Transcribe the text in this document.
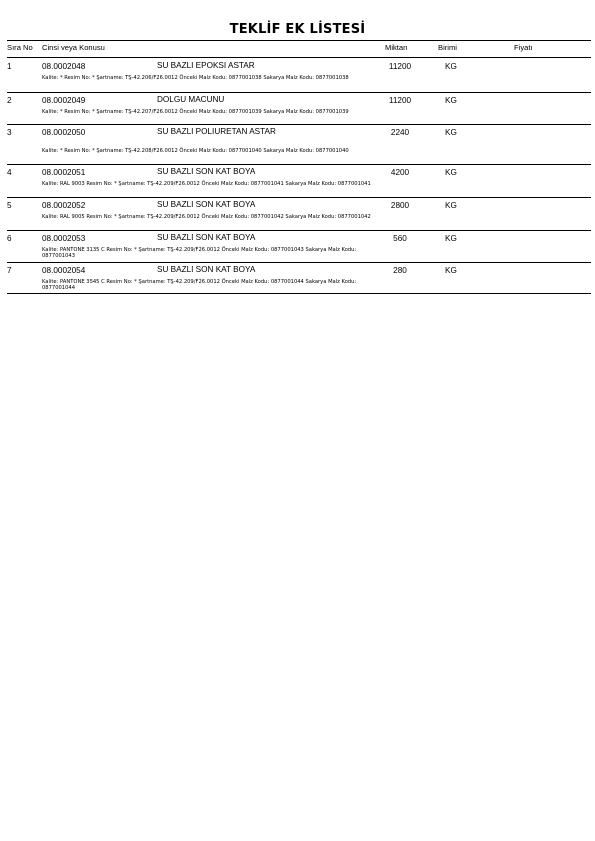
TEKLİF EK LİSTESİ
Sıra No Cinsi veya Konusu	Miktarı	Birimi	Fiyatı
1	08.0002048	SU BAZLI EPOKSI ASTAR	11200	KG
Kalite: * Resim No: * Şartname: TŞ-42.206/F26.0012 Önceki Malz Kodu: 0877001038 Sakarya Malz Kodu: 0877001038
2	08.0002049	DOLGU MACUNU	11200	KG
Kalite: * Resim No: * Şartname: TŞ-42.207/F26.0012 Önceki Malz Kodu: 0877001039 Sakarya Malz Kodu: 0877001039
3	08.0002050	SU BAZLI POLIURETAN ASTAR	2240	KG
Kalite: * Resim No: * Şartname: TŞ-42.208/F26.0012 Önceki Malz Kodu: 0877001040 Sakarya Malz Kodu: 0877001040
4	08.0002051	SU BAZLI SON KAT BOYA	4200	KG
Kalite: RAL 9003 Resim No: * Şartname: TŞ-42.209/F26.0012 Önceki Malz Kodu: 0877001041 Sakarya Malz Kodu: 0877001041
5	08.0002052	SU BAZLI SON KAT BOYA	2800	KG
Kalite: RAL 9005 Resim No: * Şartname: TŞ-42.209/F26.0012 Önceki Malz Kodu: 0877001042 Sakarya Malz Kodu: 0877001042
6	08.0002053	SU BAZLI SON KAT BOYA	560	KG
Kalite: PANTONE 3135 C Resim No: * Şartname: TŞ-42.209/F26.0012 Önceki Malz Kodu: 0877001043 Sakarya Malz Kodu: 0877001043
7	08.0002054	SU BAZLI SON KAT BOYA	280	KG
Kalite: PANTONE 3545 C Resim No: * Şartname: TŞ-42.209/F26.0012 Önceki Malz Kodu: 0877001044 Sakarya Malz Kodu: 0877001044
